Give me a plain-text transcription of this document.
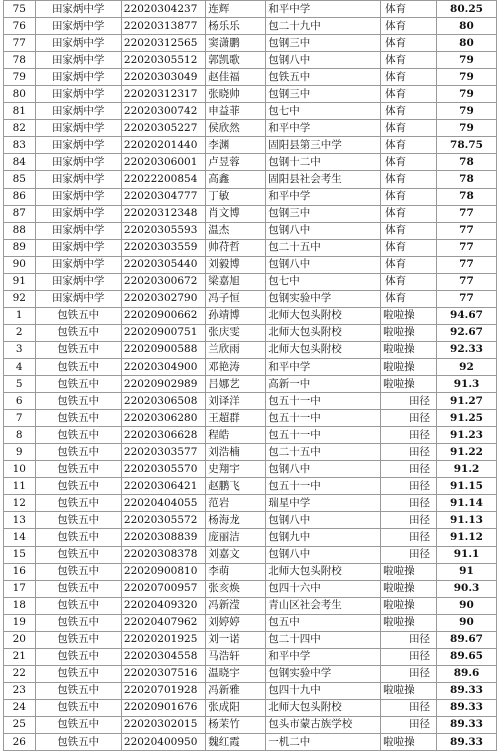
75	田家炳中学	22020304237	连辉	和平中学	体育	80.25
76	田家炳中学	22020313877	杨乐乐	包二十九中	体育	80
77	田家炳中学	22020312565	窦潇鹏	包钢三中	体育	80
78	田家炳中学	22020305512	郭凯歌	包钢八中	体育	79
79	田家炳中学	22020303049	赵佳福	包铁五中	体育	79
80	田家炳中学	22020312317	张晓帅	包钢三中	体育	79
81	田家炳中学	22020300742	申益菲	包七中	体育	79
82	田家炳中学	22020305227	侯欣然	和平中学	体育	79
83	田家炳中学	22020201440	李渊	固阳县第三中学	体育	78.75
84	田家炳中学	22020306001	卢昱蓉	包钢十二中	体育	78
85	田家炳中学	22022200854	高鑫	固阳县社会考生	体育	78
86	田家炳中学	22020304777	丁敏	和平中学	体育	78
87	田家炳中学	22020312348	肖文博	包钢三中	体育	77
88	田家炳中学	22020305593	温杰	包钢八中	体育	77
89	田家炳中学	22020303559	帅苻哲	包二十五中	体育	77
90	田家炳中学	22020305440	刘毅博	包钢八中	体育	77
91	田家炳中学	22020300672	梁嘉旭	包七中	体育	77
92	田家炳中学	22020302790	冯子恒	包钢实验中学	体育	77
1	包铁五中	22020900662	孙靖博	北师大包头附校	啦啦操	94.67
2	包铁五中	22020900751	张庆雯	北师大包头附校	啦啦操	92.67
3	包铁五中	22020900588	兰欣雨	北师大包头附校	啦啦操	92.33
4	包铁五中	22020304900	邓艳涛	和平中学	啦啦操	92
5	包铁五中	22020902989	吕娜艺	高新一中	啦啦操	91.3
6	包铁五中	22020306508	刘译洋	包五十一中	田径	91.27
7	包铁五中	22020306280	王超群	包五十一中	田径	91.25
8	包铁五中	22020306628	程皓	包五十一中	田径	91.23
9	包铁五中	22020303577	刘浩楠	包二十五中	田径	91.22
10	包铁五中	22020305570	史翔宇	包钢八中	田径	91.2
11	包铁五中	22020306421	赵鹏飞	包五十一中	田径	91.15
12	包铁五中	22020404055	范岩	瑞星中学	田径	91.14
13	包铁五中	22020305572	杨海龙	包钢八中	田径	91.13
14	包铁五中	22020308839	庞丽洁	包钢九中	田径	91.12
15	包铁五中	22020308378	刘嘉文	包钢八中	田径	91.1
16	包铁五中	22020900810	李萌	北师大包头附校	啦啦操	91
17	包铁五中	22020700957	张亥焕	包四十六中	啦啦操	90.3
18	包铁五中	22020409320	冯新滢	青山区社会考生	啦啦操	90
19	包铁五中	22020407962	刘婷婷	包五中	啦啦操	90
20	包铁五中	22020201925	刘一诺	包二十四中	田径	89.67
21	包铁五中	22020304558	马浩轩	和平中学	田径	89.65
22	包铁五中	22020307516	温晓宇	包钢实验中学	田径	89.6
23	包铁五中	22020701928	冯新雅	包四十九中	啦啦操	89.33
24	包铁五中	22020901676	张成阳	北师大包头附校	田径	89.33
25	包铁五中	22020302015	杨茉竹	包头市蒙古族学校	田径	89.33
26	包铁五中	22020400950	魏红霞	一机二中	啦啦操	89.33
